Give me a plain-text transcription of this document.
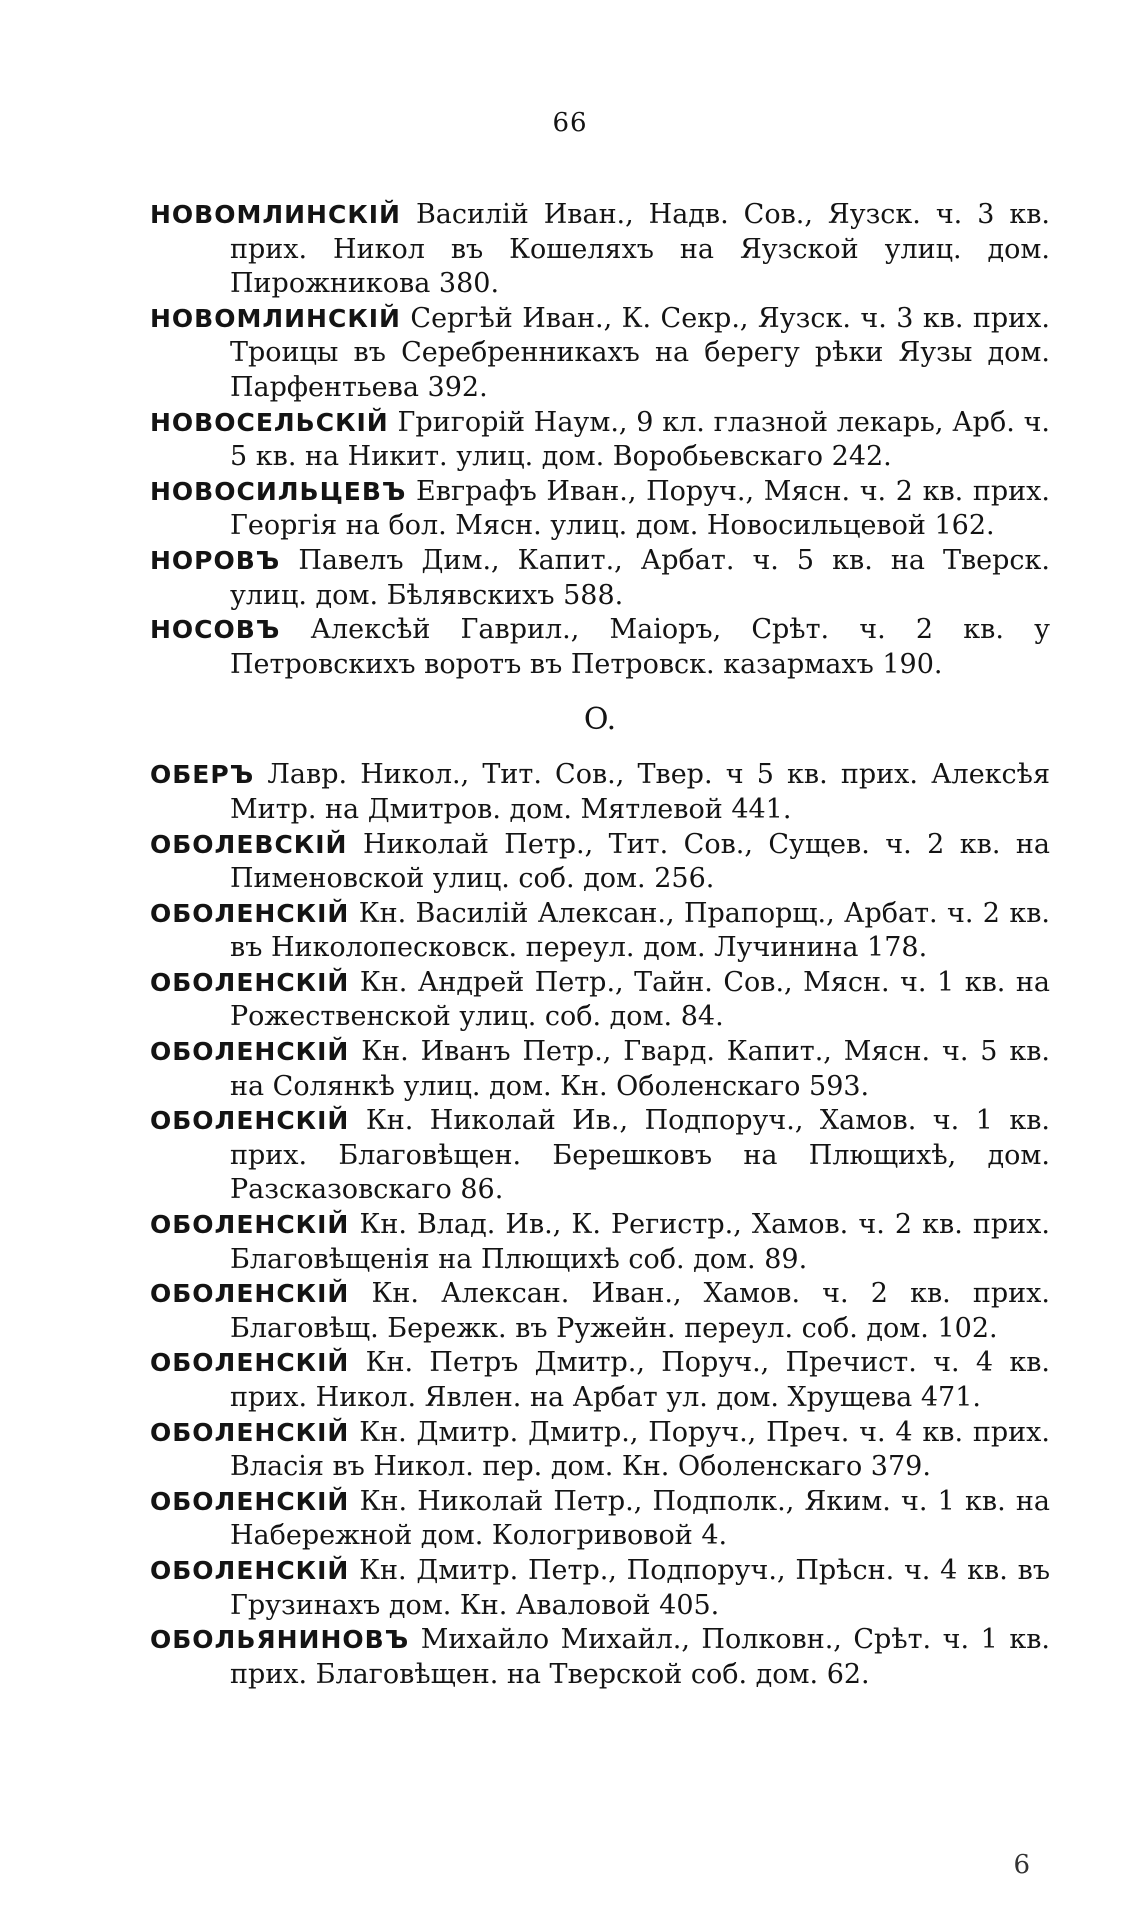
66

НОВОМЛИНСКІЙ Василій Иван., Надв. Сов., Яузск. ч. 3 кв. прих. Никол въ Кошеляхъ на Яузской улиц. дом. Пирожникова 380.

НОВОМЛИНСКІЙ Сергѣй Иван., К. Секр., Яузск. ч. 3 кв. прих. Троицы въ Серебренникахъ на берегу рѣки Яузы дом. Парфентьева 392.

НОВОСЕЛЬСКІЙ Григорій Наум., 9 кл. глазной лекарь, Арб. ч. 5 кв. на Никит. улиц. дом. Воробьевскаго 242.

НОВОСИЛЬЦЕВЪ Евграфъ Иван., Поруч., Мясн. ч. 2 кв. прих. Георгія на бол. Мясн. улиц. дом. Новосильцевой 162.

НОРОВЪ Павелъ Дим., Капит., Арбат. ч. 5 кв. на Тверск. улиц. дом. Бѣлявскихъ 588.

НОСОВЪ Алексѣй Гаврил., Маіоръ, Срѣт. ч. 2 кв. у Петровскихъ воротъ въ Петровск. казармахъ 190.

O.

ОБЕРЪ Лавр. Никол., Тит. Сов., Твер. ч 5 кв. прих. Алексѣя Митр. на Дмитров. дом. Мятлевой 441.

ОБОЛЕВСКІЙ Николай Петр., Тит. Сов., Сущев. ч. 2 кв. на Пименовской улиц. соб. дом. 256.

ОБОЛЕНСКІЙ Кн. Василій Алексан., Прапорщ., Арбат. ч. 2 кв. въ Николопесковск. переул. дом. Лучинина 178.

ОБОЛЕНСКІЙ Кн. Андрей Петр., Тайн. Сов., Мясн. ч. 1 кв. на Рожественской улиц. соб. дом. 84.

ОБОЛЕНСКІЙ Кн. Иванъ Петр., Гвард. Капит., Мясн. ч. 5 кв. на Солянкѣ улиц. дом. Кн. Оболенскаго 593.

ОБОЛЕНСКІЙ Кн. Николай Ив., Подпоруч., Хамов. ч. 1 кв. прих. Благовѣщен. Берешковъ на Плющихѣ, дом. Разсказовскаго 86.

ОБОЛЕНСКІЙ Кн. Влад. Ив., К. Регистр., Хамов. ч. 2 кв. прих. Благовѣщенія на Плющихѣ соб. дом. 89.

ОБОЛЕНСКІЙ Кн. Алексан. Иван., Хамов. ч. 2 кв. прих. Благовѣщ. Бережк. въ Ружейн. переул. соб. дом. 102.

ОБОЛЕНСКІЙ Кн. Петръ Дмитр., Поруч., Пречист. ч. 4 кв. прих. Никол. Явлен. на Арбат ул. дом. Хрущева 471.

ОБОЛЕНСКІЙ Кн. Дмитр. Дмитр., Поруч., Преч. ч. 4 кв. прих. Власія въ Никол. пер. дом. Кн. Оболенскаго 379.

ОБОЛЕНСКІЙ Кн. Николай Петр., Подполк., Яким. ч. 1 кв. на Набережной дом. Кологривовой 4.

ОБОЛЕНСКІЙ Кн. Дмитр. Петр., Подпоруч., Прѣсн. ч. 4 кв. въ Грузинахъ дом. Кн. Аваловой 405.

ОБОЛЬЯНИНОВЪ Михайло Михайл., Полковн., Срѣт. ч. 1 кв. прих. Благовѣщен. на Тверской соб. дом. 62.

6
